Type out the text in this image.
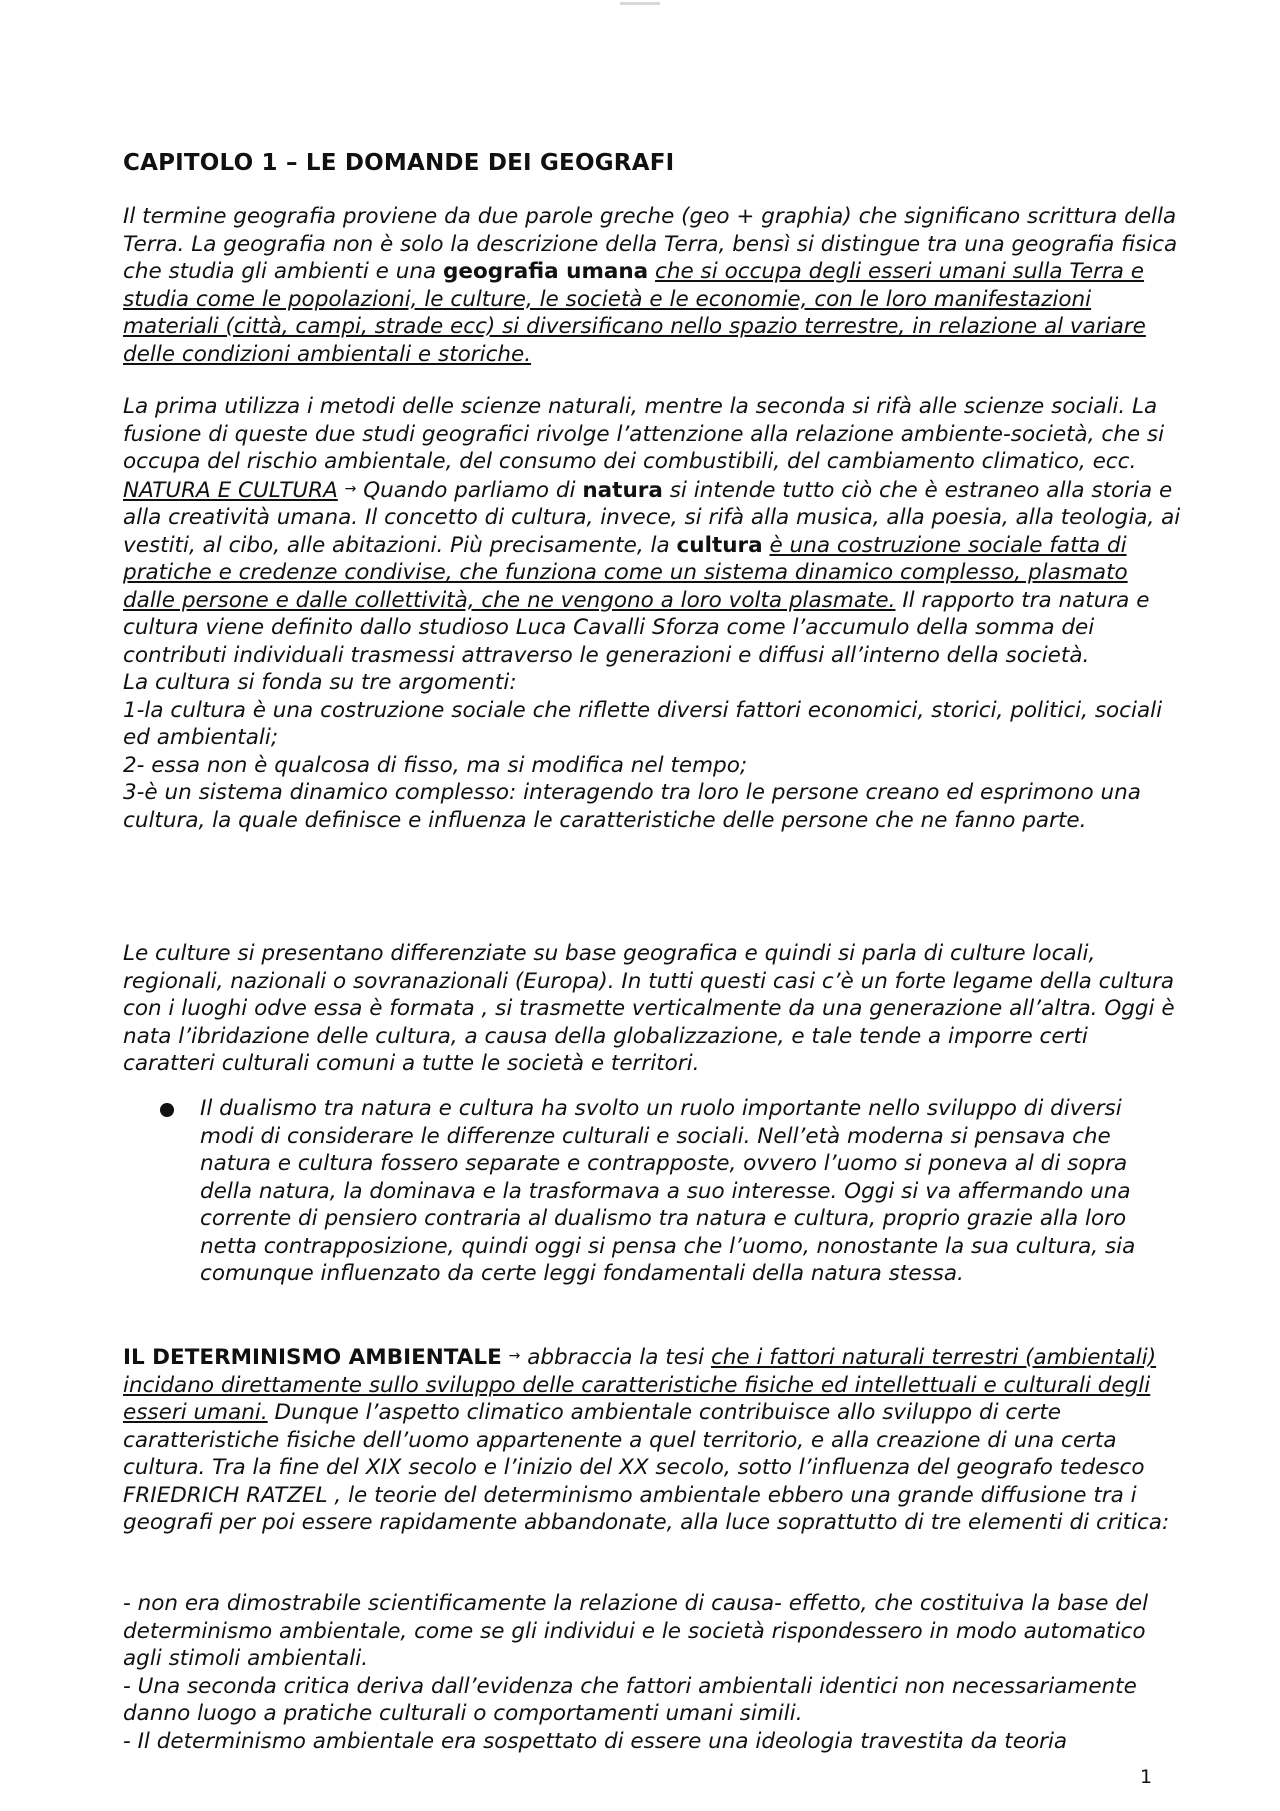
CAPITOLO 1 – LE DOMANDE DEI GEOGRAFI

Il termine geografia proviene da due parole greche (geo + graphia) che significano scrittura della Terra. La geografia non è solo la descrizione della Terra, bensì si distingue tra una geografia fisica che studia gli ambienti e una geografia umana che si occupa degli esseri umani sulla Terra e studia come le popolazioni, le culture, le società e le economie, con le loro manifestazioni materiali (città, campi, strade ecc) si diversificano nello spazio terrestre, in relazione al variare delle condizioni ambientali e storiche.

La prima utilizza i metodi delle scienze naturali, mentre la seconda si rifà alle scienze sociali. La fusione di queste due studi geografici rivolge l’attenzione alla relazione ambiente-società, che si occupa del rischio ambientale, del consumo dei combustibili, del cambiamento climatico, ecc.

NATURA E CULTURA → Quando parliamo di natura si intende tutto ciò che è estraneo alla storia e alla creatività umana. Il concetto di cultura, invece, si rifà alla musica, alla poesia, alla teologia, ai vestiti, al cibo, alle abitazioni. Più precisamente, la cultura è una costruzione sociale fatta di pratiche e credenze condivise, che funziona come un sistema dinamico complesso, plasmato dalle persone e dalle collettività, che ne vengono a loro volta plasmate. Il rapporto tra natura e cultura viene definito dallo studioso Luca Cavalli Sforza come l’accumulo della somma dei contributi individuali trasmessi attraverso le generazioni e diffusi all’interno della società.

La cultura si fonda su tre argomenti:

1-la cultura è una costruzione sociale che riflette diversi fattori economici, storici, politici, sociali ed ambientali;

2- essa non è qualcosa di fisso, ma si modifica nel tempo;

3-è un sistema dinamico complesso: interagendo tra loro le persone creano ed esprimono una cultura, la quale definisce e influenza le caratteristiche delle persone che ne fanno parte.

Le culture si presentano differenziate su base geografica e quindi si parla di culture locali, regionali, nazionali o sovranazionali (Europa). In tutti questi casi c’è un forte legame della cultura con i luoghi odve essa è formata , si trasmette verticalmente da una generazione all’altra. Oggi è nata l’ibridazione delle cultura, a causa della globalizzazione, e tale tende a imporre certi caratteri culturali comuni a tutte le società e territori.

Il dualismo tra natura e cultura ha svolto un ruolo importante nello sviluppo di diversi modi di considerare le differenze culturali e sociali. Nell’età moderna si pensava che natura e cultura fossero separate e contrapposte, ovvero l’uomo si poneva al di sopra della natura, la dominava e la trasformava a suo interesse. Oggi si va affermando una corrente di pensiero contraria al dualismo tra natura e cultura, proprio grazie alla loro netta contrapposizione, quindi oggi si pensa che l’uomo, nonostante la sua cultura, sia comunque influenzato da certe leggi fondamentali della natura stessa.

IL DETERMINISMO AMBIENTALE → abbraccia la tesi che i fattori naturali terrestri (ambientali) incidano direttamente sullo sviluppo delle caratteristiche fisiche ed intellettuali e culturali degli esseri umani. Dunque l’aspetto climatico ambientale contribuisce allo sviluppo di certe caratteristiche fisiche dell’uomo appartenente a quel territorio, e alla creazione di una certa cultura. Tra la fine del XIX secolo e l’inizio del XX secolo, sotto l’influenza del geografo tedesco FRIEDRICH RATZEL , le teorie del determinismo ambientale ebbero una grande diffusione tra i geografi per poi essere rapidamente abbandonate, alla luce soprattutto di tre elementi di critica:

- non era dimostrabile scientificamente la relazione di causa- effetto, che costituiva la base del determinismo ambientale, come se gli individui e le società rispondessero in modo automatico agli stimoli ambientali.

- Una seconda critica deriva dall’evidenza che fattori ambientali identici non necessariamente danno luogo a pratiche culturali o comportamenti umani simili.

- Il determinismo ambientale era sospettato di essere una ideologia travestita da teoria

1
